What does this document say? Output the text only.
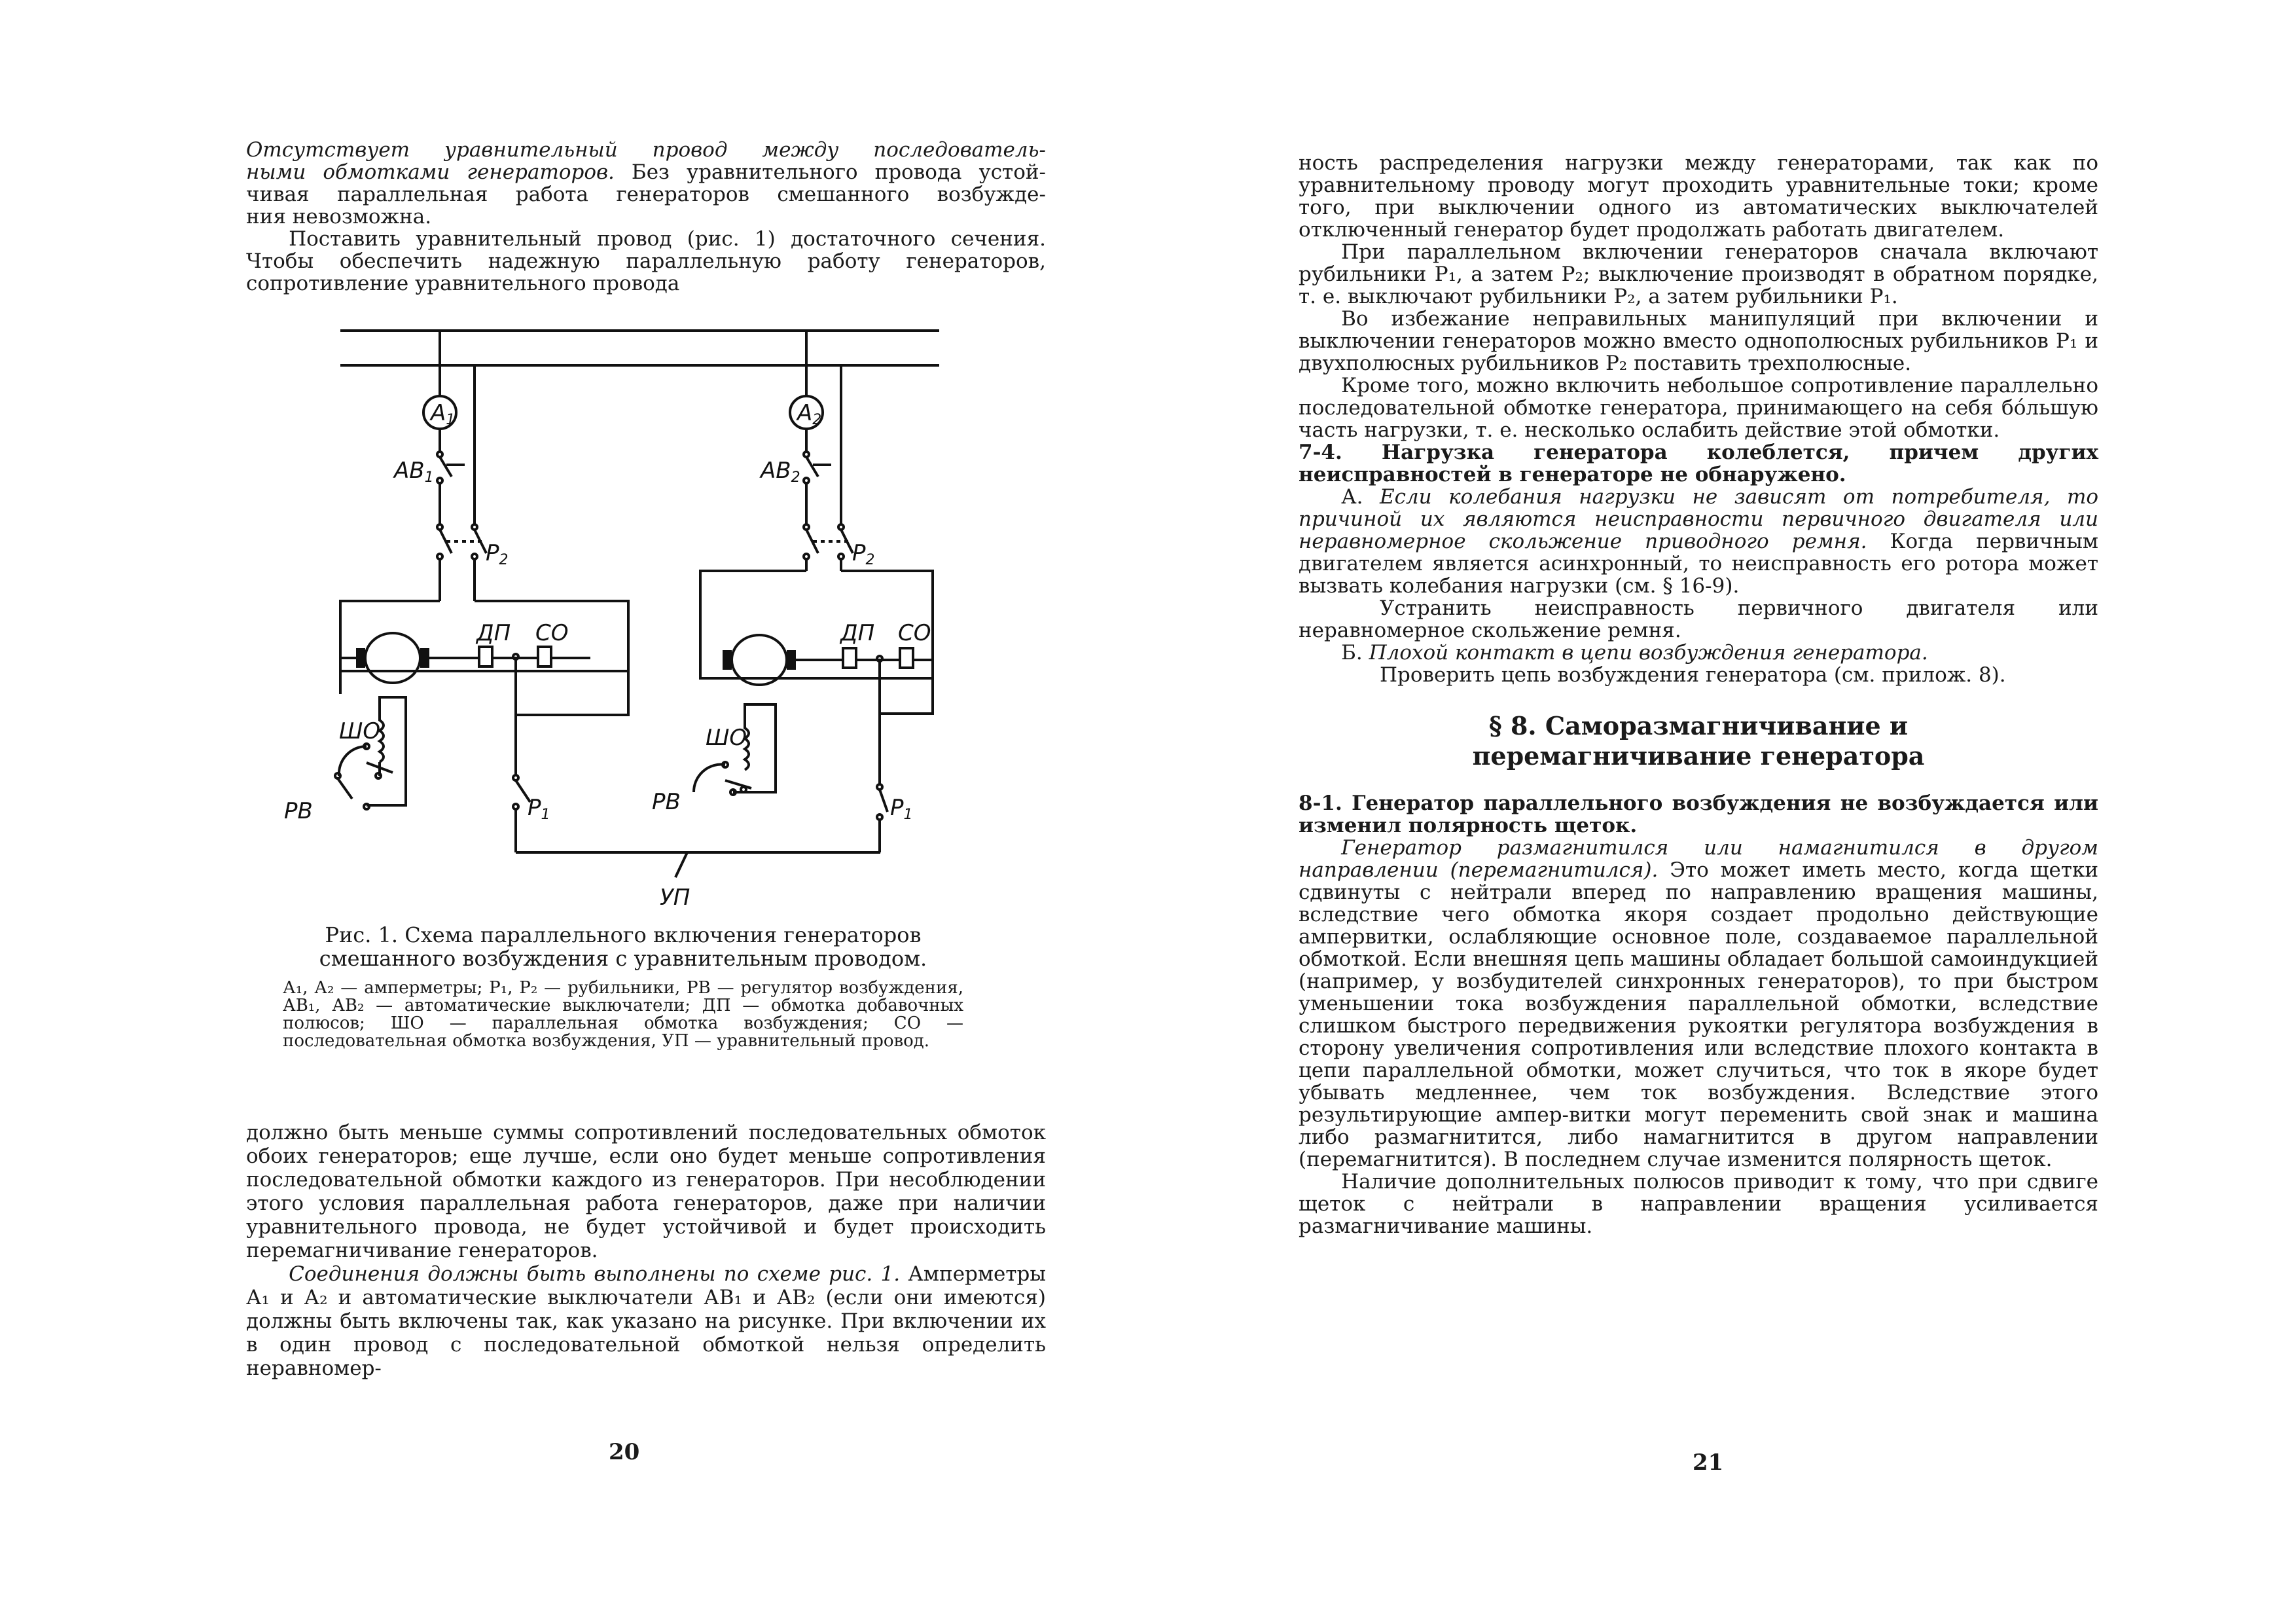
Отсутствует уравнительный провод между последователь-

ными обмотками генераторов. Без уравнительного провода устой-

чивая параллельная работа генераторов смешанного возбужде-

ния невозможна.

Поставить уравнительный провод (рис. 1) достаточного сечения. Чтобы обеспечить надежную параллельную работу генераторов, сопротивление уравнительного провода

A1	A2
AB1	AB2
P2	P2
ДП СО	ДП СО
ШО	ШО
РВ	РВ
P1	P1
УП

Рис. 1. Схема параллельного включения генераторов смешанного возбуждения с уравнительным проводом.

А₁, А₂ — амперметры; Р₁, Р₂ — рубильники, РВ — регулятор возбуждения, АВ₁, АВ₂ — автоматические выключатели; ДП — обмотка добавочных полюсов; ШО — параллельная обмотка возбуждения; СО — последовательная обмотка возбуждения, УП — уравнительный провод.

должно быть меньше суммы сопротивлений последовательных обмоток обоих генераторов; еще лучше, если оно будет меньше сопротивления последовательной обмотки каждого из генераторов. При несоблюдении этого условия параллельная работа генераторов, даже при наличии уравнительного провода, не будет устойчивой и будет происходить перемагничивание генераторов.

Соединения должны быть выполнены по схеме рис. 1. Амперметры А₁ и А₂ и автоматические выключатели АВ₁ и АВ₂ (если они имеются) должны быть включены так, как указано на рисунке. При включении их в один провод с последовательной обмоткой нельзя определить неравномер-

20

ность распределения нагрузки между генераторами, так как по уравнительному проводу могут проходить уравнительные токи; кроме того, при выключении одного из автоматических выключателей отключенный генератор будет продолжать работать двигателем.

При параллельном включении генераторов сначала включают рубильники Р₁, а затем Р₂; выключение производят в обратном порядке, т. е. выключают рубильники Р₂, а затем рубильники Р₁.

Во избежание неправильных манипуляций при включении и выключении генераторов можно вместо однополюсных рубильников Р₁ и двухполюсных рубильников Р₂ поставить трехполюсные.

Кроме того, можно включить небольшое сопротивление параллельно последовательной обмотке генератора, принимающего на себя бо́льшую часть нагрузки, т. е. несколько ослабить действие этой обмотки.

7-4. Нагрузка генератора колеблется, причем других неисправностей в генераторе не обнаружено.

А. Если колебания нагрузки не зависят от потребителя, то причиной их являются неисправности первичного двигателя или неравномерное скольжение приводного ремня. Когда первичным двигателем является асинхронный, то неисправность его ротора может вызвать колебания нагрузки (см. § 16-9).

Устранить неисправность первичного двигателя или неравномерное скольжение ремня.

Б. Плохой контакт в цепи возбуждения генератора.

Проверить цепь возбуждения генератора (см. прилож. 8).

§ 8. Саморазмагничивание и

перемагничивание генератора

8-1. Генератор параллельного возбуждения не возбуждается или изменил полярность щеток.

Генератор размагнитился или намагнитился в другом направлении (перемагнитился). Это может иметь место, когда щетки сдвинуты с нейтрали вперед по направлению вращения машины, вследствие чего обмотка якоря создает продольно действующие ампервитки, ослабляющие основное поле, создаваемое параллельной обмоткой. Если внешняя цепь машины обладает большой самоиндукцией (например, у возбудителей синхронных генераторов), то при быстром уменьшении тока возбуждения параллельной обмотки, вследствие слишком быстрого передвижения рукоятки регулятора возбуждения в сторону увеличения сопротивления или вследствие плохого контакта в цепи параллельной обмотки, может случиться, что ток в якоре будет убывать медленнее, чем ток возбуждения. Вследствие этого результирующие ампер-витки могут переменить свой знак и машина либо размагнитится, либо намагнитится в другом направлении (перемагнитится). В последнем случае изменится полярность щеток.

Наличие дополнительных полюсов приводит к тому, что при сдвиге щеток с нейтрали в направлении вращения усиливается размагничивание машины.

21
